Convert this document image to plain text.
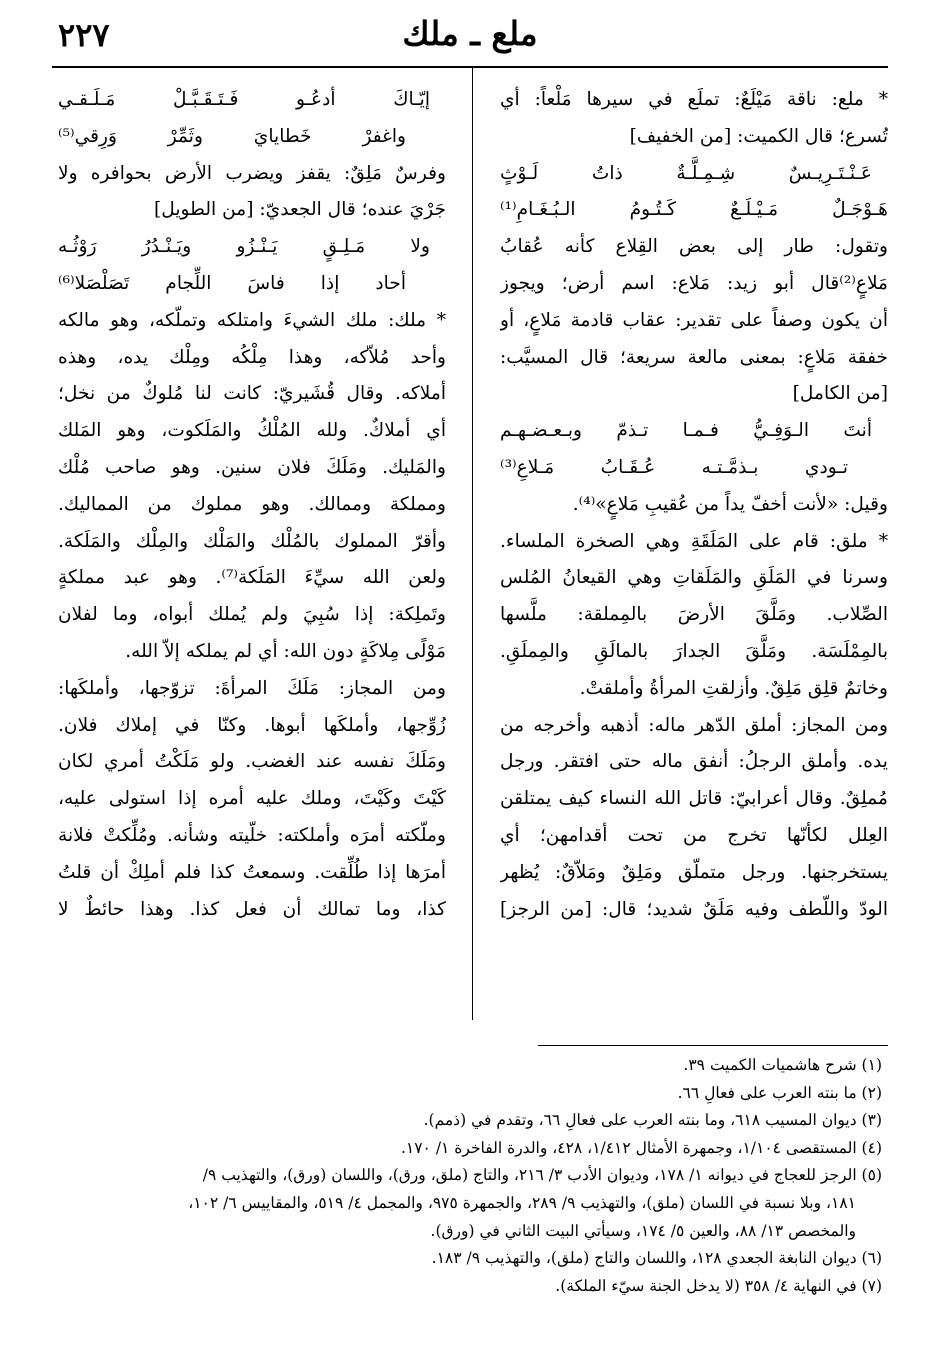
٢٢٧	ملع ـ ملك
* ملع: ناقة مَيْلَعٌ: تملَع في سيرها مَلْعاً: أي
تُسرع؛ قال الكميت: [من الخفيف]
عَـنْـتَـرِيـسٌ شِـمِـلَّـةٌ ذاتُ لَـوْثٍ
هَـوْجَـلٌ مَـيْـلَـعٌ كَـتُـومُ الـبُـغَـامِ⁽¹⁾
وتقول: طار إلى بعض القِلاع كأنه عُقابُ
مَلاعٍ⁽²⁾قال أبو زيد: مَلاع: اسم أرض؛ ويجوز
أن يكون وصفاً على تقدير: عقاب قادمة مَلاعٍ، أو
خفقة مَلاعٍ: بمعنى مالعة سريعة؛ قال المسيَّب:
[من الكامل]
أنتَ الـوَفِـيُّ فـمـا تـذمّ وبـعـضـهـم
تـودي بـذمَّـتـه عُـقَـابُ مَـلاعِ⁽³⁾
وقيل: «لأنت أخفّ يداً من عُقيبِ مَلاعٍ»⁽⁴⁾.
* ملق: قام على المَلَقَةِ وهي الصخرة الملساء.
وسرنا في المَلَقِ والمَلَقاتِ وهي القيعانُ المُلس
الصِّلاب. ومَلَّقَ الأرضَ بالمِملقة: ملَّسها
بالمِمْلَسَة. ومَلَّقَ الجدارَ بالمالَقِ والمِملَقِ.
وخاتمٌ قلِق مَلِقٌ. وأزلقتِ المرأةُ وأملقتْ.
ومن المجاز: أملق الدّهر ماله: أذهبه وأخرجه من
يده. وأملق الرجلُ: أنفق ماله حتى افتقر. ورجل
مُملِقٌ. وقال أعرابيّ: قاتل الله النساء كيف يمتلقن
العِلل لكأنّها تخرج من تحت أقدامهن؛ أي
يستخرجنها. ورجل متملّق ومَلِقٌ ومَلاّقٌ: يُظهر
الودّ واللّطف وفيه مَلَقٌ شديد؛ قال: [من الرجز]
إيّـاكَ أدعُـو فَـتَـقَـبَّـلْ مَـلَـقـي
واغفرْ خَطايايَ وثَمِّرْ وَرِقي⁽⁵⁾
وفرسٌ مَلِقٌ: يقفز ويضرب الأرض بحوافره ولا
جَرْيَ عنده؛ قال الجعديّ: [من الطويل]
ولا مَـلِـقٍ يَـنْـزُو ويَـنْـدُرُ رَوْثُـه
أحاد إذا فاسَ اللِّجام تَصَلْصَلا⁽⁶⁾
* ملك: ملك الشيءَ وامتلكه وتملّكه، وهو مالكه
وأحد مُلاّكه، وهذا مِلْكُه ومِلْك يده، وهذه
أملاكه. وقال قُشَيريّ: كانت لنا مُلوكٌ من نخل؛
أي أملاكٌ. ولله المُلْكُ والمَلَكوت، وهو المَلك
والمَليك. ومَلَكَ فلان سنين. وهو صاحب مُلْك
ومملكة وممالك. وهو مملوك من المماليك.
وأقرّ المملوك بالمُلْك والمَلْك والمِلْك والمَلَكة.
ولعن الله سيِّءَ المَلَكة⁽⁷⁾. وهو عبد مملكةٍ
وتَملِكة: إذا سُبِيَ ولم يُملك أبواه، وما لفلان
مَوْلًى مِلاكَةٍ دون الله: أي لم يملكه إلاّ الله.
ومن المجاز: مَلَكَ المرأةَ: تزوّجها، وأملكَها:
زُوِّجها، وأملكَها أبوها. وكنّا في إملاك فلان.
ومَلَكَ نفسه عند الغضب. ولو مَلَكْتُ أمري لكان
كَيْتَ وكَيْتَ، وملك عليه أمره إذا استولى عليه،
وملّكته أمرَه وأملكته: خلّيته وشأنه. ومُلِّكتْ فلانة
أمرَها إذا طُلِّقت. وسمعتُ كذا فلم أملِكْ أن قلتُ
كذا، وما تمالك أن فعل كذا. وهذا حائطٌ لا
(١) شرح هاشميات الكميت ٣٩.
(٢) ما بنته العرب على فعالِ ٦٦.
(٣) ديوان المسيب ٦١٨، وما بنته العرب على فعالِ ٦٦، وتقدم في (ذمم).
(٤) المستقصى ١/١٠٤، وجمهرة الأمثال ١/٤١٢، ٤٢٨، والدرة الفاخرة ١/ ١٧٠.
(٥) الرجز للعجاج في ديوانه ١/ ١٧٨، وديوان الأدب ٣/ ٢١٦، والتاج (ملق، ورق)، واللسان (ورق)، والتهذيب ٩/
١٨١، وبلا نسبة في اللسان (ملق)، والتهذيب ٩/ ٢٨٩، والجمهرة ٩٧٥، والمجمل ٤/ ٥١٩، والمقاييس ٦/ ١٠٢،
والمخصص ١٣/ ٨٨، والعين ٥/ ١٧٤، وسيأتي البيت الثاني في (ورق).
(٦) ديوان النابغة الجعدي ١٢٨، واللسان والتاج (ملق)، والتهذيب ٩/ ١٨٣.
(٧) في النهاية ٤/ ٣٥٨ (لا يدخل الجنة سيّء الملكة).
